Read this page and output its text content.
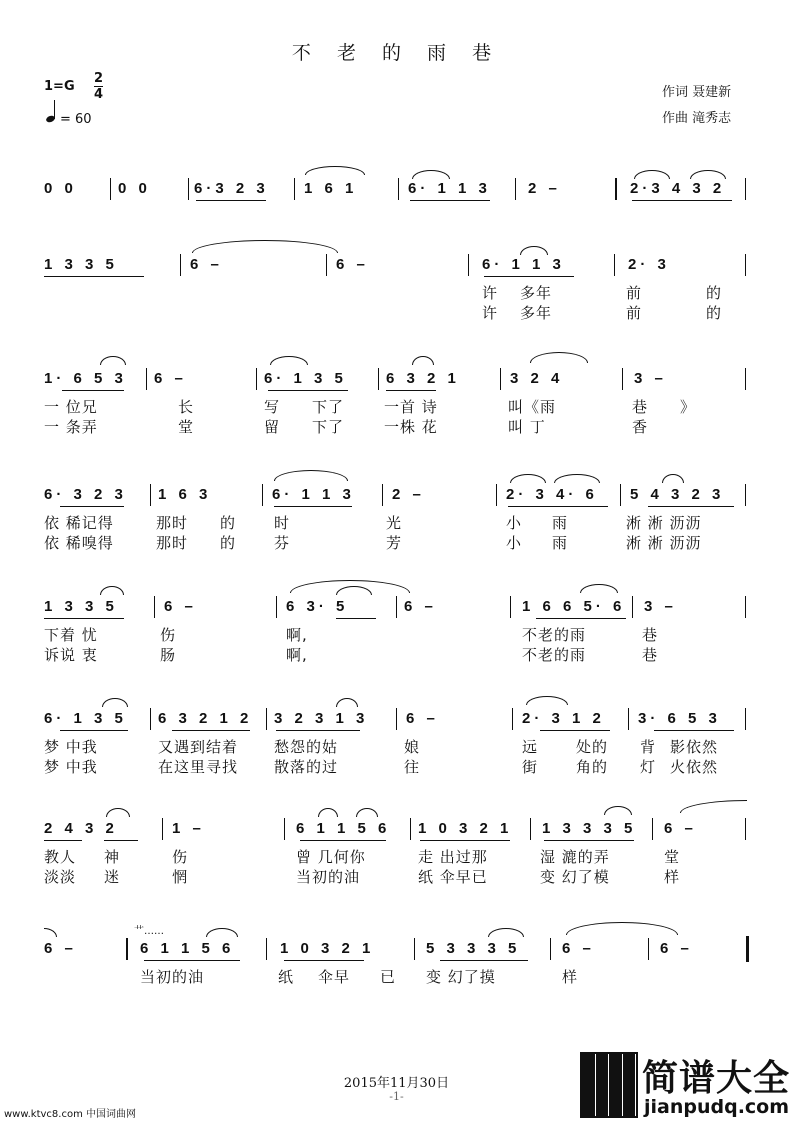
不 老 的 雨 巷
$1=G \frac{2}{4}$
= 60
作词 聂建新
作曲 滝秀志
0 0	0 0	6·3 2 3 1 6 1	6· 1 1 3 2 –	2·3 4 3 2
1 3 3 5	6 –	6 –	6· 1 1 3	2· 3
许 多年	前	的
许 多年	前	的
1· 6 5 3 6 –	6· 1 3 5	6 3 2 1	3 2 4	3 –
一 位兄	长	写 下了	一首 诗	叫《雨	巷 》
一 条弄	堂	留 下了	一株 花	叫 丁	香
6· 3 2 3 1 6 3	6· 1 1 3 2 –	2· 3 4· 6 5 4 3 2 3
依 稀记得	那时 的	时	光	小 雨	淅 淅 沥沥
依 稀嗅得	那时 的	芬	芳	小 雨	淅 淅 沥沥
1 3 3 5	6 –	6 3· 5	6 –	1 6 6 5· 6 3 –
下着 忧	伤	啊,	不老的雨	巷
诉说 衷	肠	啊,	不老的雨	巷
6· 1 3 5 6 3 2 1 2 3 2 3 1 3	6 –	2· 3 1 2 3· 6 5 3
梦 中我	又遇到结着 愁怨的姑	娘	远	处的 背 影依然
梦 中我	在这里寻找 散落的过	往	街	角的 灯 火依然
2 4 3 2	1 –	6 1 1 5 6 1 0 3 2 1 1 3 3 3 5 6 –
教人 神	伤	曾 几何你	走 出过那	湿 漉的弄	堂
淡淡 迷	惘	当初的油	纸 伞早已	变 幻了模	样
艹……
6 –	6 1 1 5 6	1 0 3 2 1	5 3 3 3 5	6 –	6 –
当初的油	纸 伞早 已 变 幻了摸	样
2015年11月30日
-1-
www.ktvc8.com 中国词曲网
简谱大全
jianpudq.com
